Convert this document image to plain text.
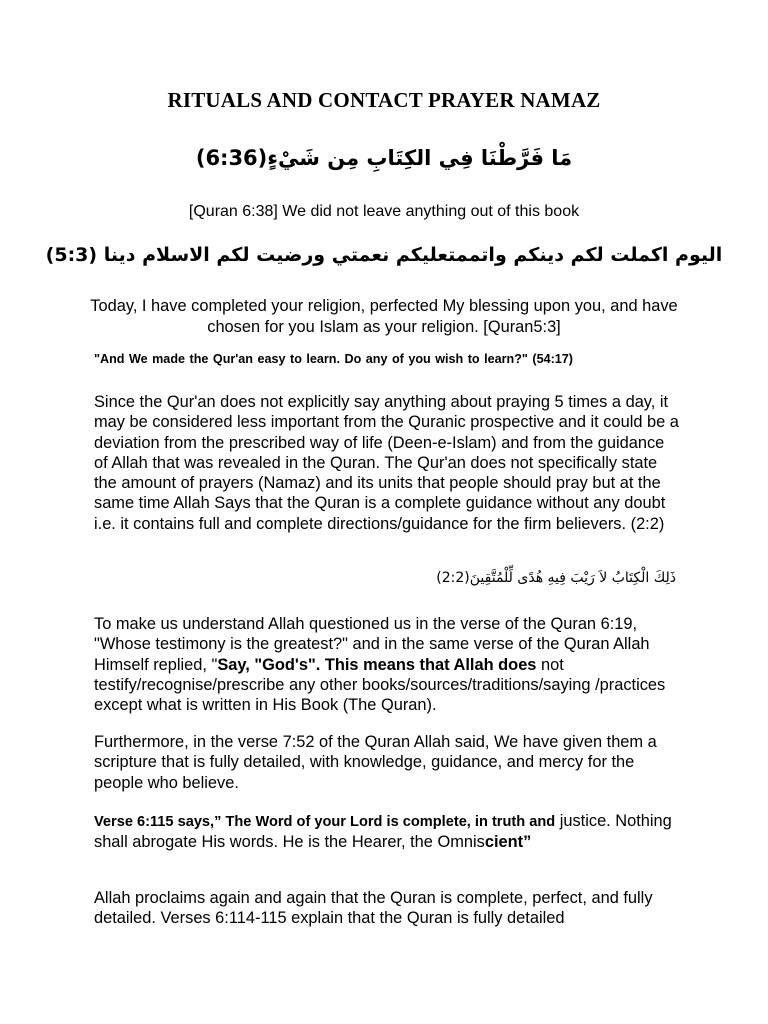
RITUALS AND CONTACT PRAYER NAMAZ
مَا فَرَّطْنَا فِي الكِتَابِ مِن شَيْءٍ(6:36)
[Quran 6:38] We did not leave anything out of this book
اليوم اكملت لكم دينكم واتممتعليكم نعمتي ورضيت لكم الاسلام دينا (5:3)
Today, I have completed your religion, perfected My blessing upon you, and have chosen for you Islam as your religion. [Quran5:3]
"And We made the Qur'an easy to learn. Do any of you wish to learn?" (54:17)
Since the Qur'an does not explicitly say anything about praying 5 times a day, it may be considered less important from the Quranic prospective and it could be a deviation from the prescribed way of life (Deen-e-Islam) and from the guidance of Allah that was revealed in the Quran. The Qur'an does not specifically state the amount of prayers (Namaz) and its units that people should pray but at the same time Allah Says that the Quran is a complete guidance without any doubt i.e. it contains full and complete directions/guidance for the firm believers. (2:2)
ذَلِكَ الْكِتَابُ لاَ رَيْبَ فِيهِ هُدًى لِّلْمُتَّقِينَ(2:2)
To make us understand Allah questioned us in the verse of the Quran 6:19, "Whose testimony is the greatest?" and in the same verse of the Quran Allah Himself replied, "Say, "God's". This means that Allah does not testify/recognise/prescribe any other books/sources/traditions/saying /practices except what is written in His Book (The Quran).
Furthermore, in the verse 7:52 of the Quran Allah said, We have given them a scripture that is fully detailed, with knowledge, guidance, and mercy for the people who believe.
Verse 6:115 says,” The Word of your Lord is complete, in truth and justice. Nothing shall abrogate His words. He is the Hearer, the Omniscient”
Allah proclaims again and again that the Quran is complete, perfect, and fully detailed. Verses 6:114-115 explain that the Quran is fully detailed
